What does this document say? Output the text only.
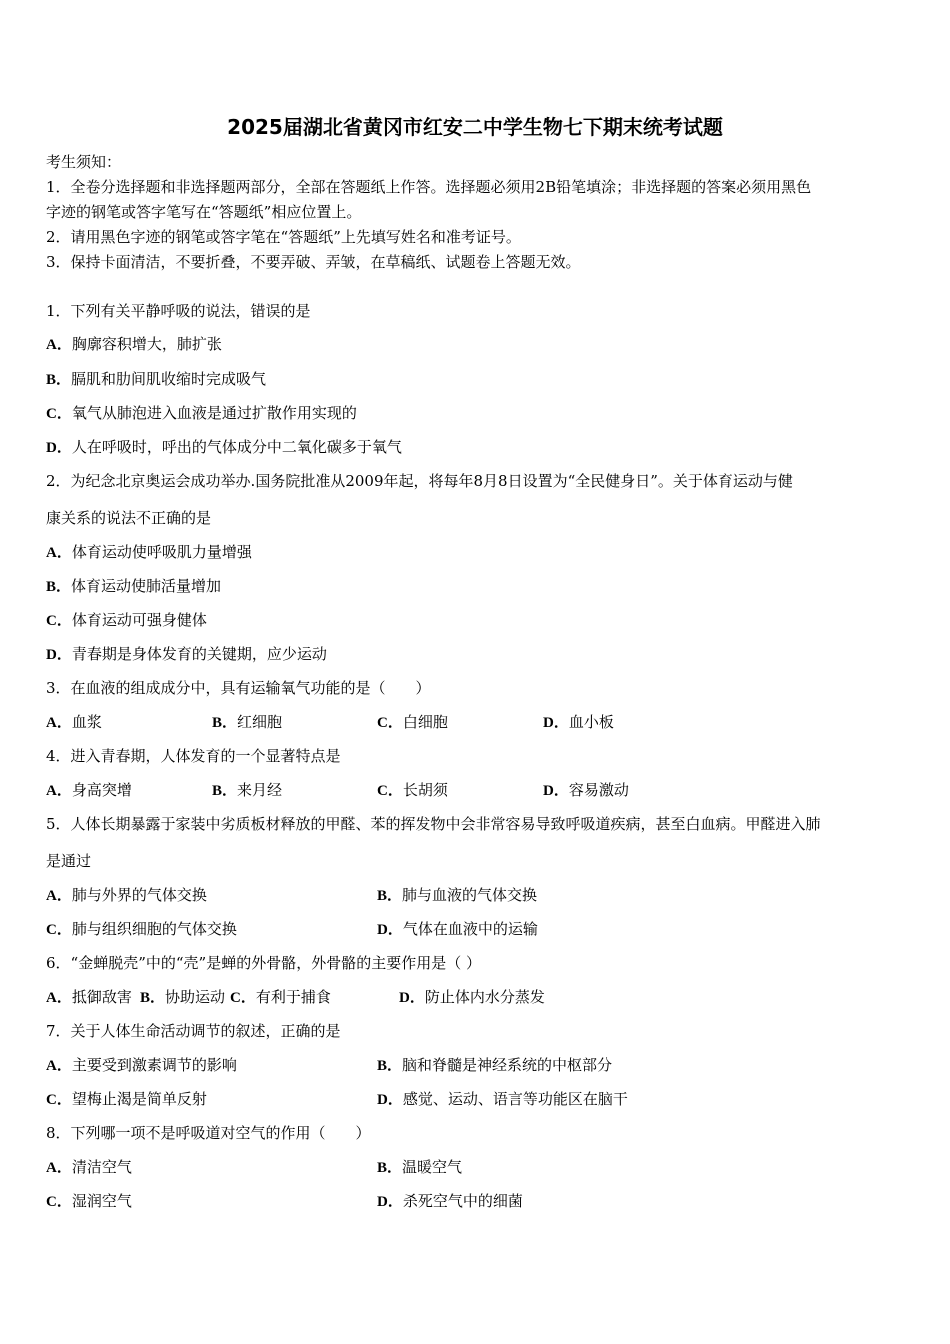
2025届湖北省黄冈市红安二中学生物七下期末统考试题
考生须知：
1．全卷分选择题和非选择题两部分，全部在答题纸上作答。选择题必须用2B铅笔填涂；非选择题的答案必须用黑色
字迹的钢笔或答字笔写在“答题纸”相应位置上。
2．请用黑色字迹的钢笔或答字笔在“答题纸”上先填写姓名和准考证号。
3．保持卡面清洁，不要折叠，不要弄破、弄皱，在草稿纸、试题卷上答题无效。
1．下列有关平静呼吸的说法，错误的是
A．胸廓容积增大，肺扩张
B．膈肌和肋间肌收缩时完成吸气
C．氧气从肺泡进入血液是通过扩散作用实现的
D．人在呼吸时，呼出的气体成分中二氧化碳多于氧气
2．为纪念北京奥运会成功举办.国务院批准从2009年起，将每年8月8日设置为“全民健身日”。关于体育运动与健
康关系的说法不正确的是
A．体育运动使呼吸肌力量增强
B．体育运动使肺活量增加
C．体育运动可强身健体
D．青春期是身体发育的关键期，应少运动
3．在血液的组成成分中，具有运输氧气功能的是（　　）
A．血浆	B．红细胞	C．白细胞	D．血小板
4．进入青春期，人体发育的一个显著特点是
A．身高突增	B．来月经	C．长胡须	D．容易激动
5．人体长期暴露于家装中劣质板材释放的甲醛、苯的挥发物中会非常容易导致呼吸道疾病，甚至白血病。甲醛进入肺
是通过
A．肺与外界的气体交换	B．肺与血液的气体交换
C．肺与组织细胞的气体交换	D．气体在血液中的运输
6．“金蝉脱壳”中的“壳”是蝉的外骨骼，外骨骼的主要作用是（ ）
A．抵御敌害 B．协助运动 C．有利于捕食	D．防止体内水分蒸发
7．关于人体生命活动调节的叙述，正确的是
A．主要受到激素调节的影响	B．脑和脊髓是神经系统的中枢部分
C．望梅止渴是简单反射	D．感觉、运动、语言等功能区在脑干
8．下列哪一项不是呼吸道对空气的作用（　　）
A．清洁空气	B．温暖空气
C．湿润空气	D．杀死空气中的细菌
